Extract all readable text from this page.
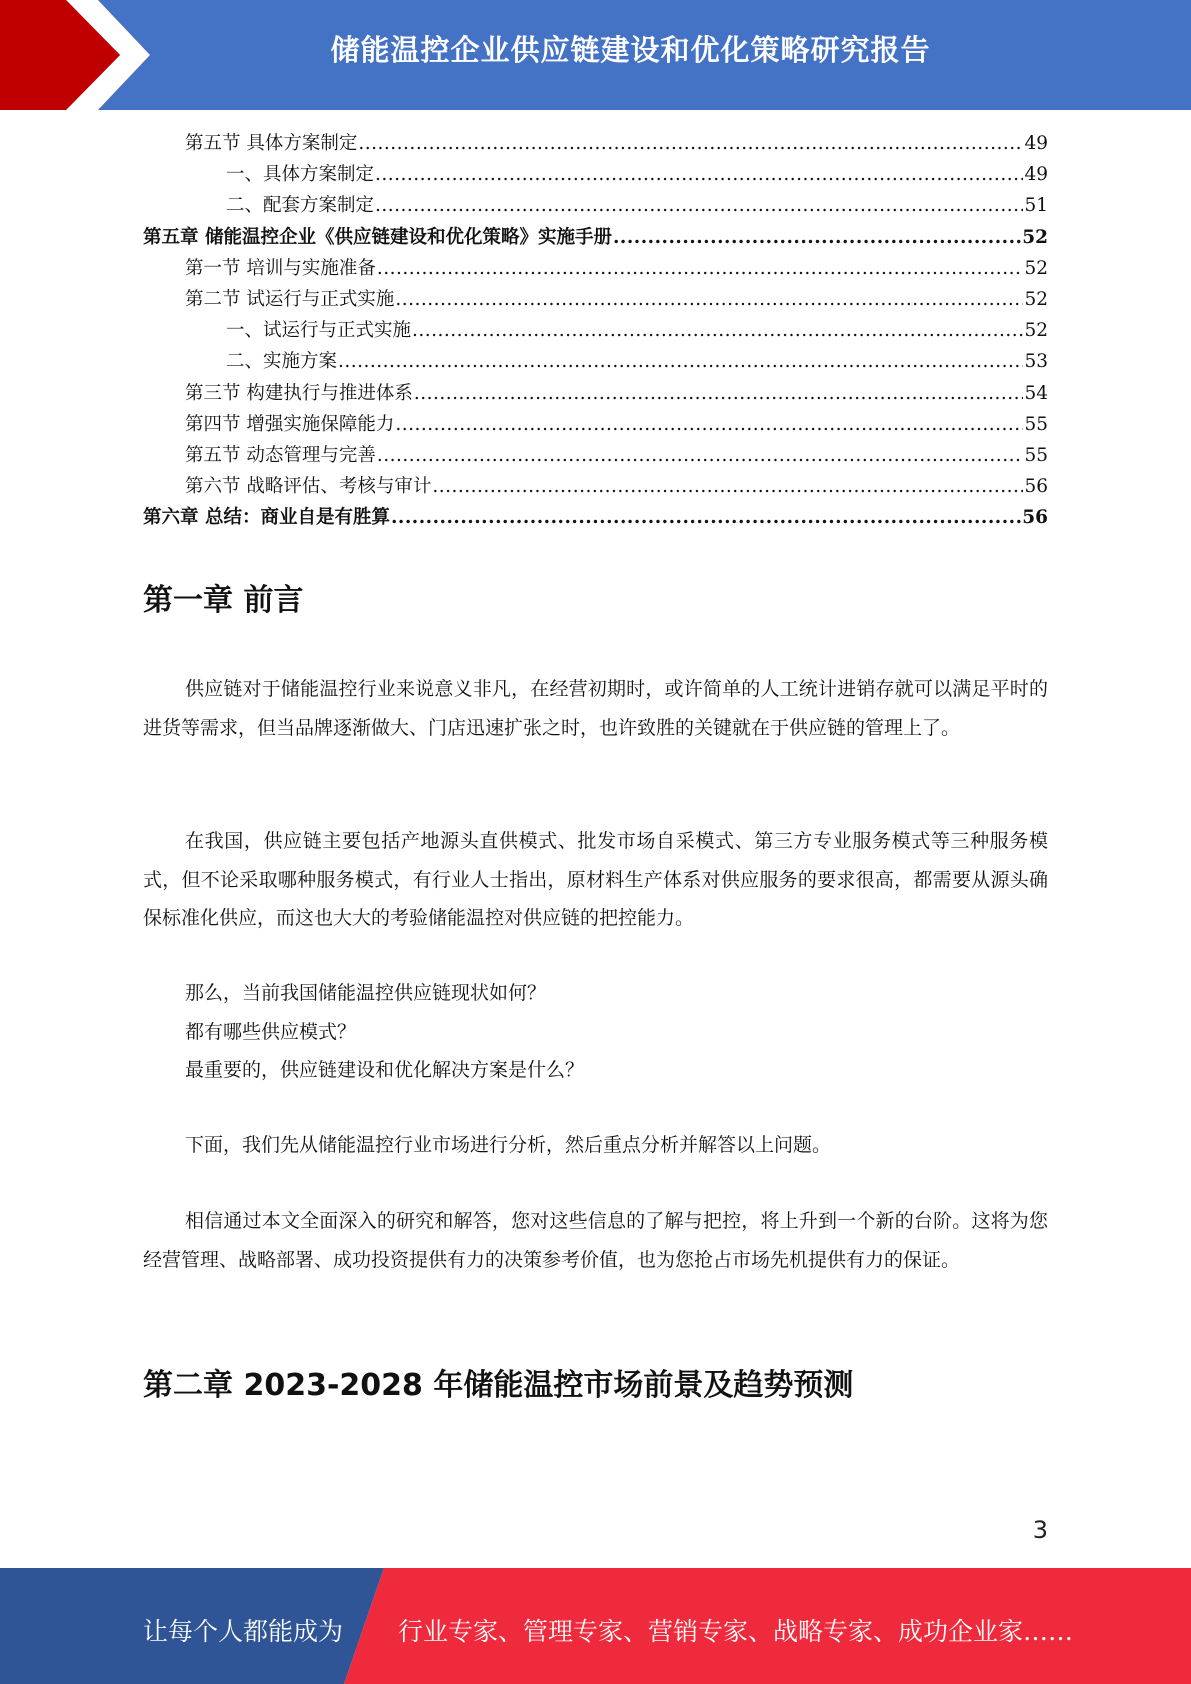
储能温控企业供应链建设和优化策略研究报告
第五节 具体方案制定 .....	49
一、具体方案制定 .....	49
二、配套方案制定 .....	51
第五章 储能温控企业《供应链建设和优化策略》实施手册 .....	52
第一节 培训与实施准备 .....	52
第二节 试运行与正式实施 .....	52
一、试运行与正式实施 .....	52
二、实施方案 .....	53
第三节 构建执行与推进体系 .....	54
第四节 增强实施保障能力 .....	55
第五节 动态管理与完善 .....	55
第六节 战略评估、考核与审计 .....	56
第六章 总结：商业自是有胜算 .....	56
第一章 前言

供应链对于储能温控行业来说意义非凡，在经营初期时，或许简单的人工统计进销存就可以满足平时的进货等需求，但当品牌逐渐做大、门店迅速扩张之时，也许致胜的关键就在于供应链的管理上了。

在我国，供应链主要包括产地源头直供模式、批发市场自采模式、第三方专业服务模式等三种服务模式，但不论采取哪种服务模式，有行业人士指出，原材料生产体系对供应服务的要求很高，都需要从源头确保标准化供应，而这也大大的考验储能温控对供应链的把控能力。

那么，当前我国储能温控供应链现状如何？

都有哪些供应模式？

最重要的，供应链建设和优化解决方案是什么？

下面，我们先从储能温控行业市场进行分析，然后重点分析并解答以上问题。

相信通过本文全面深入的研究和解答，您对这些信息的了解与把控，将上升到一个新的台阶。这将为您经营管理、战略部署、成功投资提供有力的决策参考价值，也为您抢占市场先机提供有力的保证。

第二章 2023-2028 年储能温控市场前景及趋势预测
3
让每个人都能成为 行业专家、管理专家、营销专家、战略专家、成功企业家……
